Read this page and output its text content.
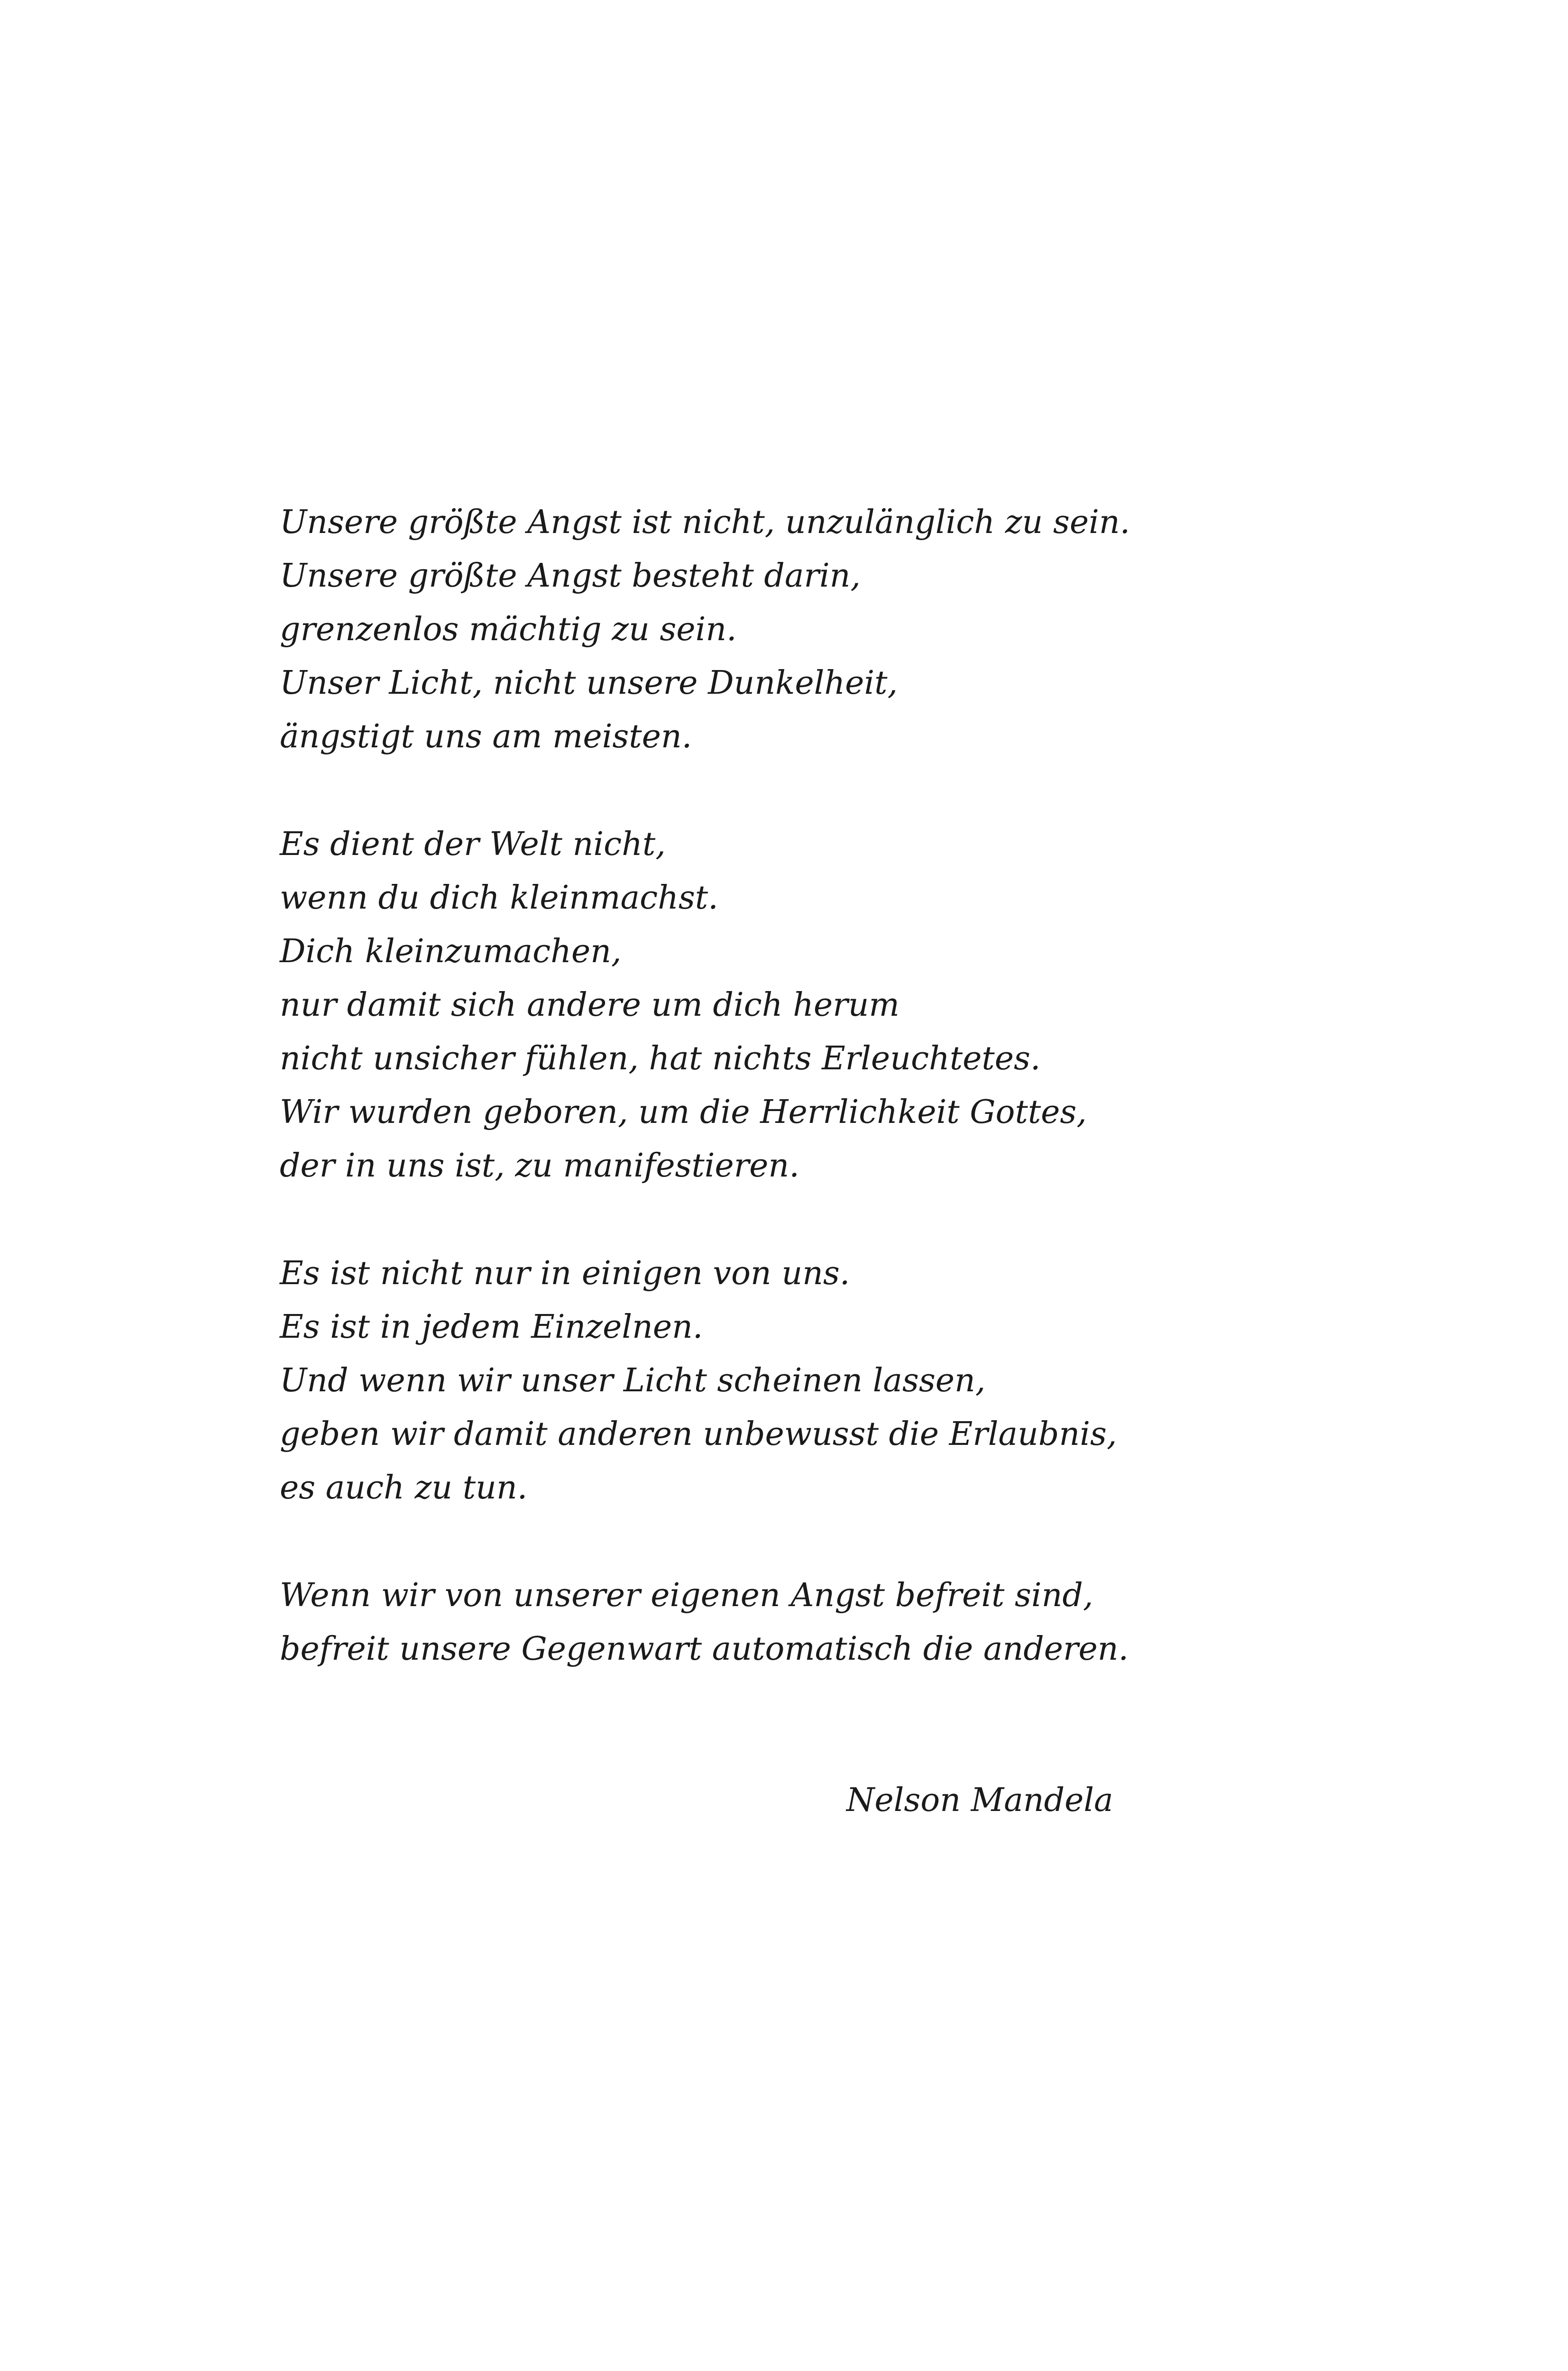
Unsere größte Angst ist nicht, unzulänglich zu sein.
Unsere größte Angst besteht darin,
grenzenlos mächtig zu sein.
Unser Licht, nicht unsere Dunkelheit,
ängstigt uns am meisten.
Es dient der Welt nicht,
wenn du dich kleinmachst.
Dich kleinzumachen,
nur damit sich andere um dich herum
nicht unsicher fühlen, hat nichts Erleuchtetes.
Wir wurden geboren, um die Herrlichkeit Gottes,
der in uns ist, zu manifestieren.
Es ist nicht nur in einigen von uns.
Es ist in jedem Einzelnen.
Und wenn wir unser Licht scheinen lassen,
geben wir damit anderen unbewusst die Erlaubnis,
es auch zu tun.
Wenn wir von unserer eigenen Angst befreit sind,
befreit unsere Gegenwart automatisch die anderen.
Nelson Mandela
